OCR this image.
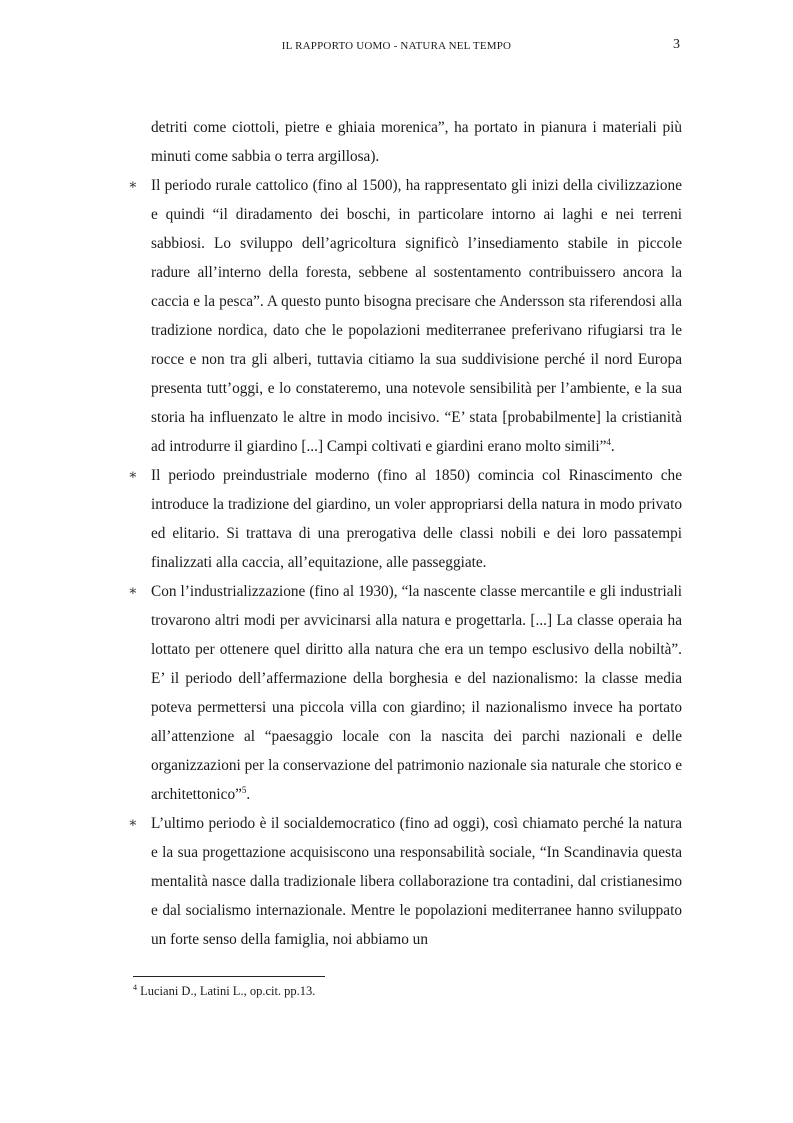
IL RAPPORTO UOMO - NATURA NEL TEMPO	3

detriti come ciottoli, pietre e ghiaia morenica”, ha portato in pianura i materiali più minuti come sabbia o terra argillosa).

∗ Il periodo rurale cattolico (fino al 1500), ha rappresentato gli inizi della civilizzazione e quindi “il diradamento dei boschi, in particolare intorno ai laghi e nei terreni sabbiosi. Lo sviluppo dell’agricoltura significò l’insediamento stabile in piccole radure all’interno della foresta, sebbene al sostentamento contribuissero ancora la caccia e la pesca”. A questo punto bisogna precisare che Andersson sta riferendosi alla tradizione nordica, dato che le popolazioni mediterranee preferivano rifugiarsi tra le rocce e non tra gli alberi, tuttavia citiamo la sua suddivisione perché il nord Europa presenta tutt’oggi, e lo constateremo, una notevole sensibilità per l’ambiente, e la sua storia ha influenzato le altre in modo incisivo. “E’ stata [probabilmente] la cristianità ad introdurre il giardino [...] Campi coltivati e giardini erano molto simili”$^4$.
∗ Il periodo preindustriale moderno (fino al 1850) comincia col Rinascimento che introduce la tradizione del giardino, un voler appropriarsi della natura in modo privato ed elitario. Si trattava di una prerogativa delle classi nobili e dei loro passatempi finalizzati alla caccia, all’equitazione, alle passeggiate.
∗ Con l’industrializzazione (fino al 1930), “la nascente classe mercantile e gli industriali trovarono altri modi per avvicinarsi alla natura e progettarla. [...] La classe operaia ha lottato per ottenere quel diritto alla natura che era un tempo esclusivo della nobiltà”. E’ il periodo dell’affermazione della borghesia e del nazionalismo: la classe media poteva permettersi una piccola villa con giardino; il nazionalismo invece ha portato all’attenzione al “paesaggio locale con la nascita dei parchi nazionali e delle organizzazioni per la conservazione del patrimonio nazionale sia naturale che storico e architettonico”$^5$.
∗ L’ultimo periodo è il socialdemocratico (fino ad oggi), così chiamato perché la natura e la sua progettazione acquisiscono una responsabilità sociale, “In Scandinavia questa mentalità nasce dalla tradizionale libera collaborazione tra contadini, dal cristianesimo e dal socialismo internazionale. Mentre le popolazioni mediterranee hanno sviluppato un forte senso della famiglia, noi abbiamo un

$^4$ Luciani D., Latini L., op.cit. pp.13.
